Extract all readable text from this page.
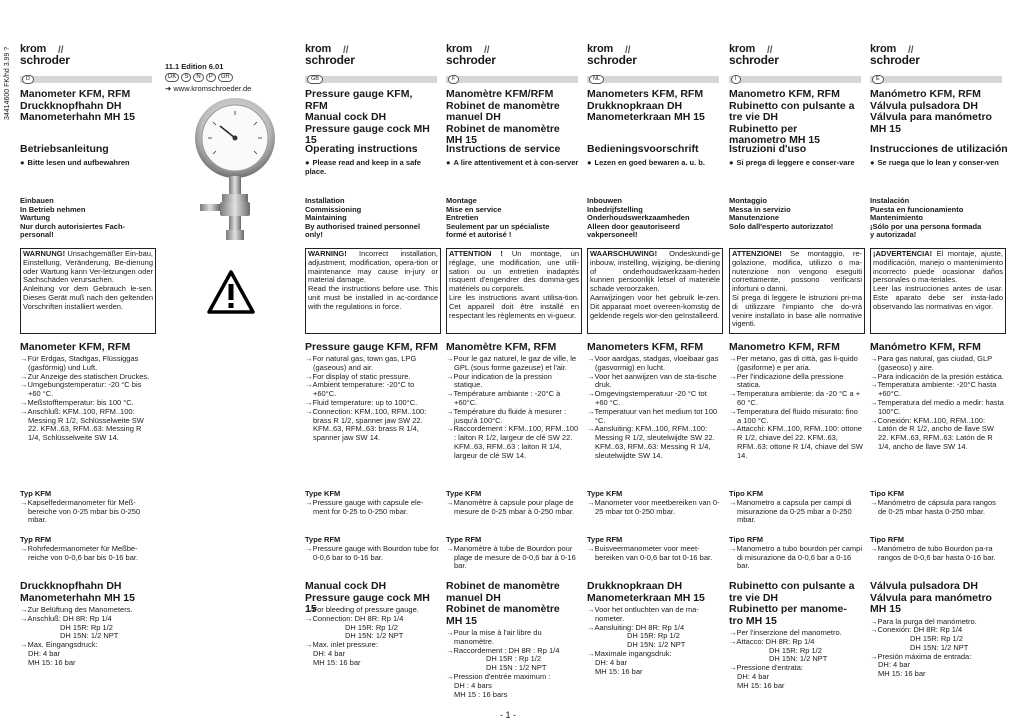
34414600 FK/hd 3.99 ? krom
schroder
//
D
Manometer KFM, RFM
Druckknopfhahn DH
Manometerhahn MH 15
Betriebsanleitung
● Bitte lesen und aufbewahren
Einbauen
In Betrieb nehmen
Wartung
Nur durch autorisiertes Fach-
personal!
WARNUNG! Unsachgemäßer Ein-bau, Einstellung, Veränderung, Be-dienung oder Wartung kann Ver-letzungen oder Sachschäden verursachen.
Anleitung vor dem Gebrauch le-sen. Dieses Gerät muß nach den geltenden Vorschriften installiert werden.
Manometer KFM, RFM
→ Für Erdgas, Stadtgas, Flüssiggas (gasförmig) und Luft.
→ Zur Anzeige des statischen Druckes.
→ Umgebungstemperatur: -20 °C bis +60 °C.
→ Meßstofftemperatur: bis 100 °C.
→ Anschluß: KFM..100, RFM..100: Messing R 1/2, Schlüsselweite SW 22. KFM..63, RFM..63: Messing R 1/4, Schlüsselweite SW 14.
Typ KFM
→ Kapselfedermanometer für Meß-bereiche von 0-25 mbar bis 0-250 mbar.
Typ RFM
→ Rohrfedermanometer für Meßbe-reiche von 0-0,6 bar bis 0-16 bar.
Druckknopfhahn DH
Manometerhahn MH 15
→ Zur Belüftung des Manometers.
→ Anschluß: DH 8R: Rp 1/4
DH 15R: Rp 1/2
DH 15N: 1/2 NPT
→ Max. Eingangsdruck:
DH: 4 bar
MH 15: 16 bar
krom
schroder
//
GB
Pressure gauge KFM, RFM
Manual cock DH
Pressure gauge cock MH 15
Operating instructions
● Please read and keep in a safe place.
Installation
Commissioning
Maintaining
By authorised trained personnel
only!
WARNING! Incorrect installation, adjustment, modification, opera-tion or maintenance may cause in-jury or material damage.
Read the instructions before use. This unit must be installed in ac-cordance with the regulations in force.
Pressure gauge KFM, RFM
→ For natural gas, town gas, LPG (gaseous) and air.
→ For display of static pressure.
→ Ambient temperature: -20°C to +60°C.
→ Fluid temperature: up to 100°C.
→ Connection: KFM..100, RFM..100: brass R 1/2, spanner jaw SW 22. KFM..63, RFM..63: brass R 1/4, spanner jaw SW 14.
Type KFM
→ Pressure gauge with capsule ele-ment for 0-25 to 0-250 mbar.
Type RFM
→ Pressure gauge with Bourdon tube for 0-0,6 bar to 0-16 bar.
Manual cock DH
Pressure gauge cock MH 15
→ For bleeding of pressure gauge.
→ Connection: DH 8R: Rp 1/4
DH 15R: Rp 1/2
DH 15N: 1/2 NPT
→ Max. inlet pressure:
DH: 4 bar
MH 15: 16 bar
krom
schroder
//
F
Manomètre KFM/RFM
Robinet de manomètre
manuel DH
Robinet de manomètre
MH 15
Instructions de service
● A lire attentivement et à con-server
Montage
Mise en service
Entretien
Seulement par un spécialiste
formé et autorisé !
ATTENTION ! Un montage, un réglage, une modification, une utili-sation ou un entretien inadaptés risquent d'engendrer des domma-ges matériels ou corporels.
Lire les instructions avant utilisa-tion. Cet appareil doit être installé en respectant les règlements en vi-gueur.
Manomètre KFM, RFM
→ Pour le gaz naturel, le gaz de ville, le GPL (sous forme gazeuse) et l'air.
→ Pour indication de la pression statique.
→ Température ambiante : -20°C à +60°C.
→ Température du fluide à mesurer : jusqu'à 100°C.
→ Raccordement : KFM..100, RFM..100 : laiton R 1/2, largeur de clé SW 22. KFM..63, RFM..63 : laiton R 1/4, largeur de clé SW 14.
Type KFM
→ Manomètre à capsule pour plage de mesure de 0-25 mbar à 0-250 mbar.
Type RFM
→ Manomètre à tube de Bourdon pour plage de mesure de 0-0,6 bar à 0-16 bar.
Robinet de manomètre
manuel DH
Robinet de manomètre
MH 15
→ Pour la mise à l'air libre du manomètre.
→ Raccordement : DH 8R : Rp 1/4
DH 15R : Rp 1/2
DH 15N : 1/2 NPT
→ Pression d'entrée maximum :
DH : 4 bars
MH 15 : 16 bars
krom
schroder
//
NL
Manometers KFM, RFM
Drukknopkraan DH
Manometerkraan MH 15
Bedieningsvoorschrift
● Lezen en goed bewaren a. u. b.
Inbouwen
Inbedrijfstelling
Onderhoudswerkzaamheden
Alleen door geautoriseerd
vakpersoneel!
WAARSCHUWING! Ondeskundi-ge inbouw, instelling, wijziging, be-diening of onderhoudswerkzaam-heden kunnen persoonlijk letsel of materiële schade veroorzaken.
Aanwijzingen voor het gebruik le-zen. Dit apparaat moet overeen-komstig de geldende regels wor-den geïnstalleerd.
Manometers KFM, RFM
→ Voor aardgas, stadgas, vloeibaar gas (gasvormig) en lucht.
→ Voor het aanwijzen van de sta-tische druk.
→ Omgevingstemperatuur -20 °C tot +60 °C.
→ Temperatuur van het medium tot 100 °C.
→ Aansluiting: KFM..100, RFM..100: Messing R 1/2, sleutelwijdte SW 22. KFM..63, RFM..63: Messing R 1/4, sleutelwijdte SW 14.
Type KFM
→ Manometer voor meetbereiken van 0-25 mbar tot 0-250 mbar.
Type RFM
→ Buisveermanometer voor meet-bereiken van 0-0,6 bar tot 0-16 bar.
Drukknopkraan DH
Manometerkraan MH 15
→ Voor het ontluchten van de ma-nometer.
→ Aansluiting: DH 8R: Rp 1/4
DH 15R: Rp 1/2
DH 15N: 1/2 NPT
→ Maximale ingangsdruk:
DH: 4 bar
MH 15: 16 bar
krom
schroder
//
I
Manometro KFM, RFM
Rubinetto con pulsante a
tre vie DH
Rubinetto per
manometro MH 15
Istruzioni d'uso
● Si prega di leggere e conser-vare
Montaggio
Messa in servizio
Manutenzione
Solo dall'esperto autorizzato!
ATTENZIONE! Se montaggio, re-golazione, modifica, utilizzo o ma-nutenzione non vengono eseguiti correttamente, possono verificarsi infortuni o danni.
Si prega di leggere le istruzioni pri-ma di utilizzare l'impianto che do-vrà venire installato in base alle normative vigenti.
Manometro KFM, RFM
→ Per metano, gas di città, gas li-quido (gasiforme) e per aria.
→ Per l'indicazione della pressione statica.
→ Temperatura ambiente: da -20 °C a + 60 °C.
→ Temperatura del fluido misurato: fino a 100 °C.
→ Attacchi: KFM..100, RFM..100: ottone R 1/2, chiave del 22. KFM..63, RFM..63: ottone R 1/4, chiave del SW 14.
Tipo KFM
→ Manometro a capsula per campi di misurazione da 0-25 mbar a 0-250 mbar.
Tipo RFM
→ Manometro a tubo bourdon per campi di misurazione da 0-0,6 bar a 0-16 bar.
Rubinetto con pulsante a
tre vie DH
Rubinetto per manome-
tro MH 15
→ Per l'inserzione del manometro.
→ Attacco: DH 8R: Rp 1/4
DH 15R: Rp 1/2
DH 15N: 1/2 NPT
→ Pressione d'entrata:
DH: 4 bar
MH 15: 16 bar
krom
schroder
//
E
Manómetro KFM, RFM
Válvula pulsadora DH
Válvula para manómetro
MH 15
Instrucciones de utilización
● Se ruega que lo lean y conser-ven
Instalación
Puesta en funcionamiento
Mantenimiento
¡Sólo por una persona formada
y autorizada!
¡ADVERTENCIA! El montaje, ajuste, modificación, manejo o mantenimiento incorrecto puede ocasionar daños personales o ma-teriales.
Leer las instrucciones antes de usar. Este aparato debe ser insta-lado observando las normativas en vigor.
Manómetro KFM, RFM
→ Para gas natural, gas ciudad, GLP (gaseoso) y aire.
→ Para indicación de la presión estática.
→ Temperatura ambiente: -20°C hasta +60°C.
→ Temperatura del medio a medir: hasta 100°C.
→ Conexión: KFM..100, RFM..100: Latón de R 1/2, ancho de llave SW 22. KFM..63, RFM..63: Latón de R 1/4, ancho de llave SW 14.
Tipo KFM
→ Manómetro de cápsula para rangos de 0-25 mbar hasta 0-250 mbar.
Tipo RFM
→ Manómetro de tubo Bourdon pa-ra rangos de 0-0,6 bar hasta 0-16 bar.
Válvula pulsadora DH
Válvula para manómetro
MH 15
→ Para la purga del manómetro.
→ Conexión: DH 8R: Rp 1/4
DH 15R: Rp 1/2
DH 15N: 1/2 NPT
→ Presión máxima de entrada:
DH: 4 bar
MH 15: 16 bar
11.1 Edition 6.01
DK S N P GR
➜ www.kromschroeder.de
- 1 -
